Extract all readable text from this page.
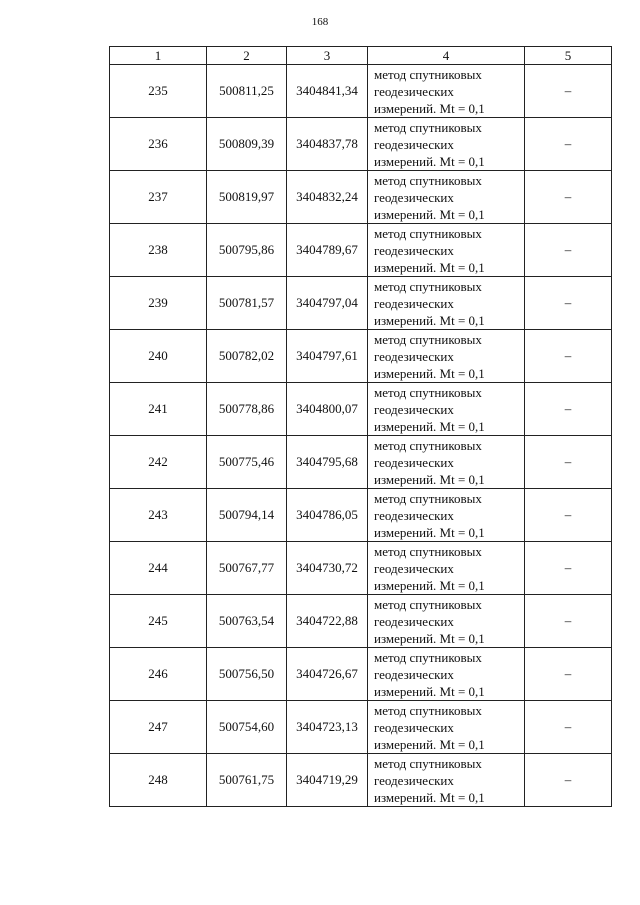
168
1	2	3	4	5
235	500811,25	3404841,34	метод спутниковых
геодезических
измерений. Mt = 0,1	–
236	500809,39	3404837,78	метод спутниковых
геодезических
измерений. Mt = 0,1	–
237	500819,97	3404832,24	метод спутниковых
геодезических
измерений. Mt = 0,1	–
238	500795,86	3404789,67	метод спутниковых
геодезических
измерений. Mt = 0,1	–
239	500781,57	3404797,04	метод спутниковых
геодезических
измерений. Mt = 0,1	–
240	500782,02	3404797,61	метод спутниковых
геодезических
измерений. Mt = 0,1	–
241	500778,86	3404800,07	метод спутниковых
геодезических
измерений. Mt = 0,1	–
242	500775,46	3404795,68	метод спутниковых
геодезических
измерений. Mt = 0,1	–
243	500794,14	3404786,05	метод спутниковых
геодезических
измерений. Mt = 0,1	–
244	500767,77	3404730,72	метод спутниковых
геодезических
измерений. Mt = 0,1	–
245	500763,54	3404722,88	метод спутниковых
геодезических
измерений. Mt = 0,1	–
246	500756,50	3404726,67	метод спутниковых
геодезических
измерений. Mt = 0,1	–
247	500754,60	3404723,13	метод спутниковых
геодезических
измерений. Mt = 0,1	–
248	500761,75	3404719,29	метод спутниковых
геодезических
измерений. Mt = 0,1	–
